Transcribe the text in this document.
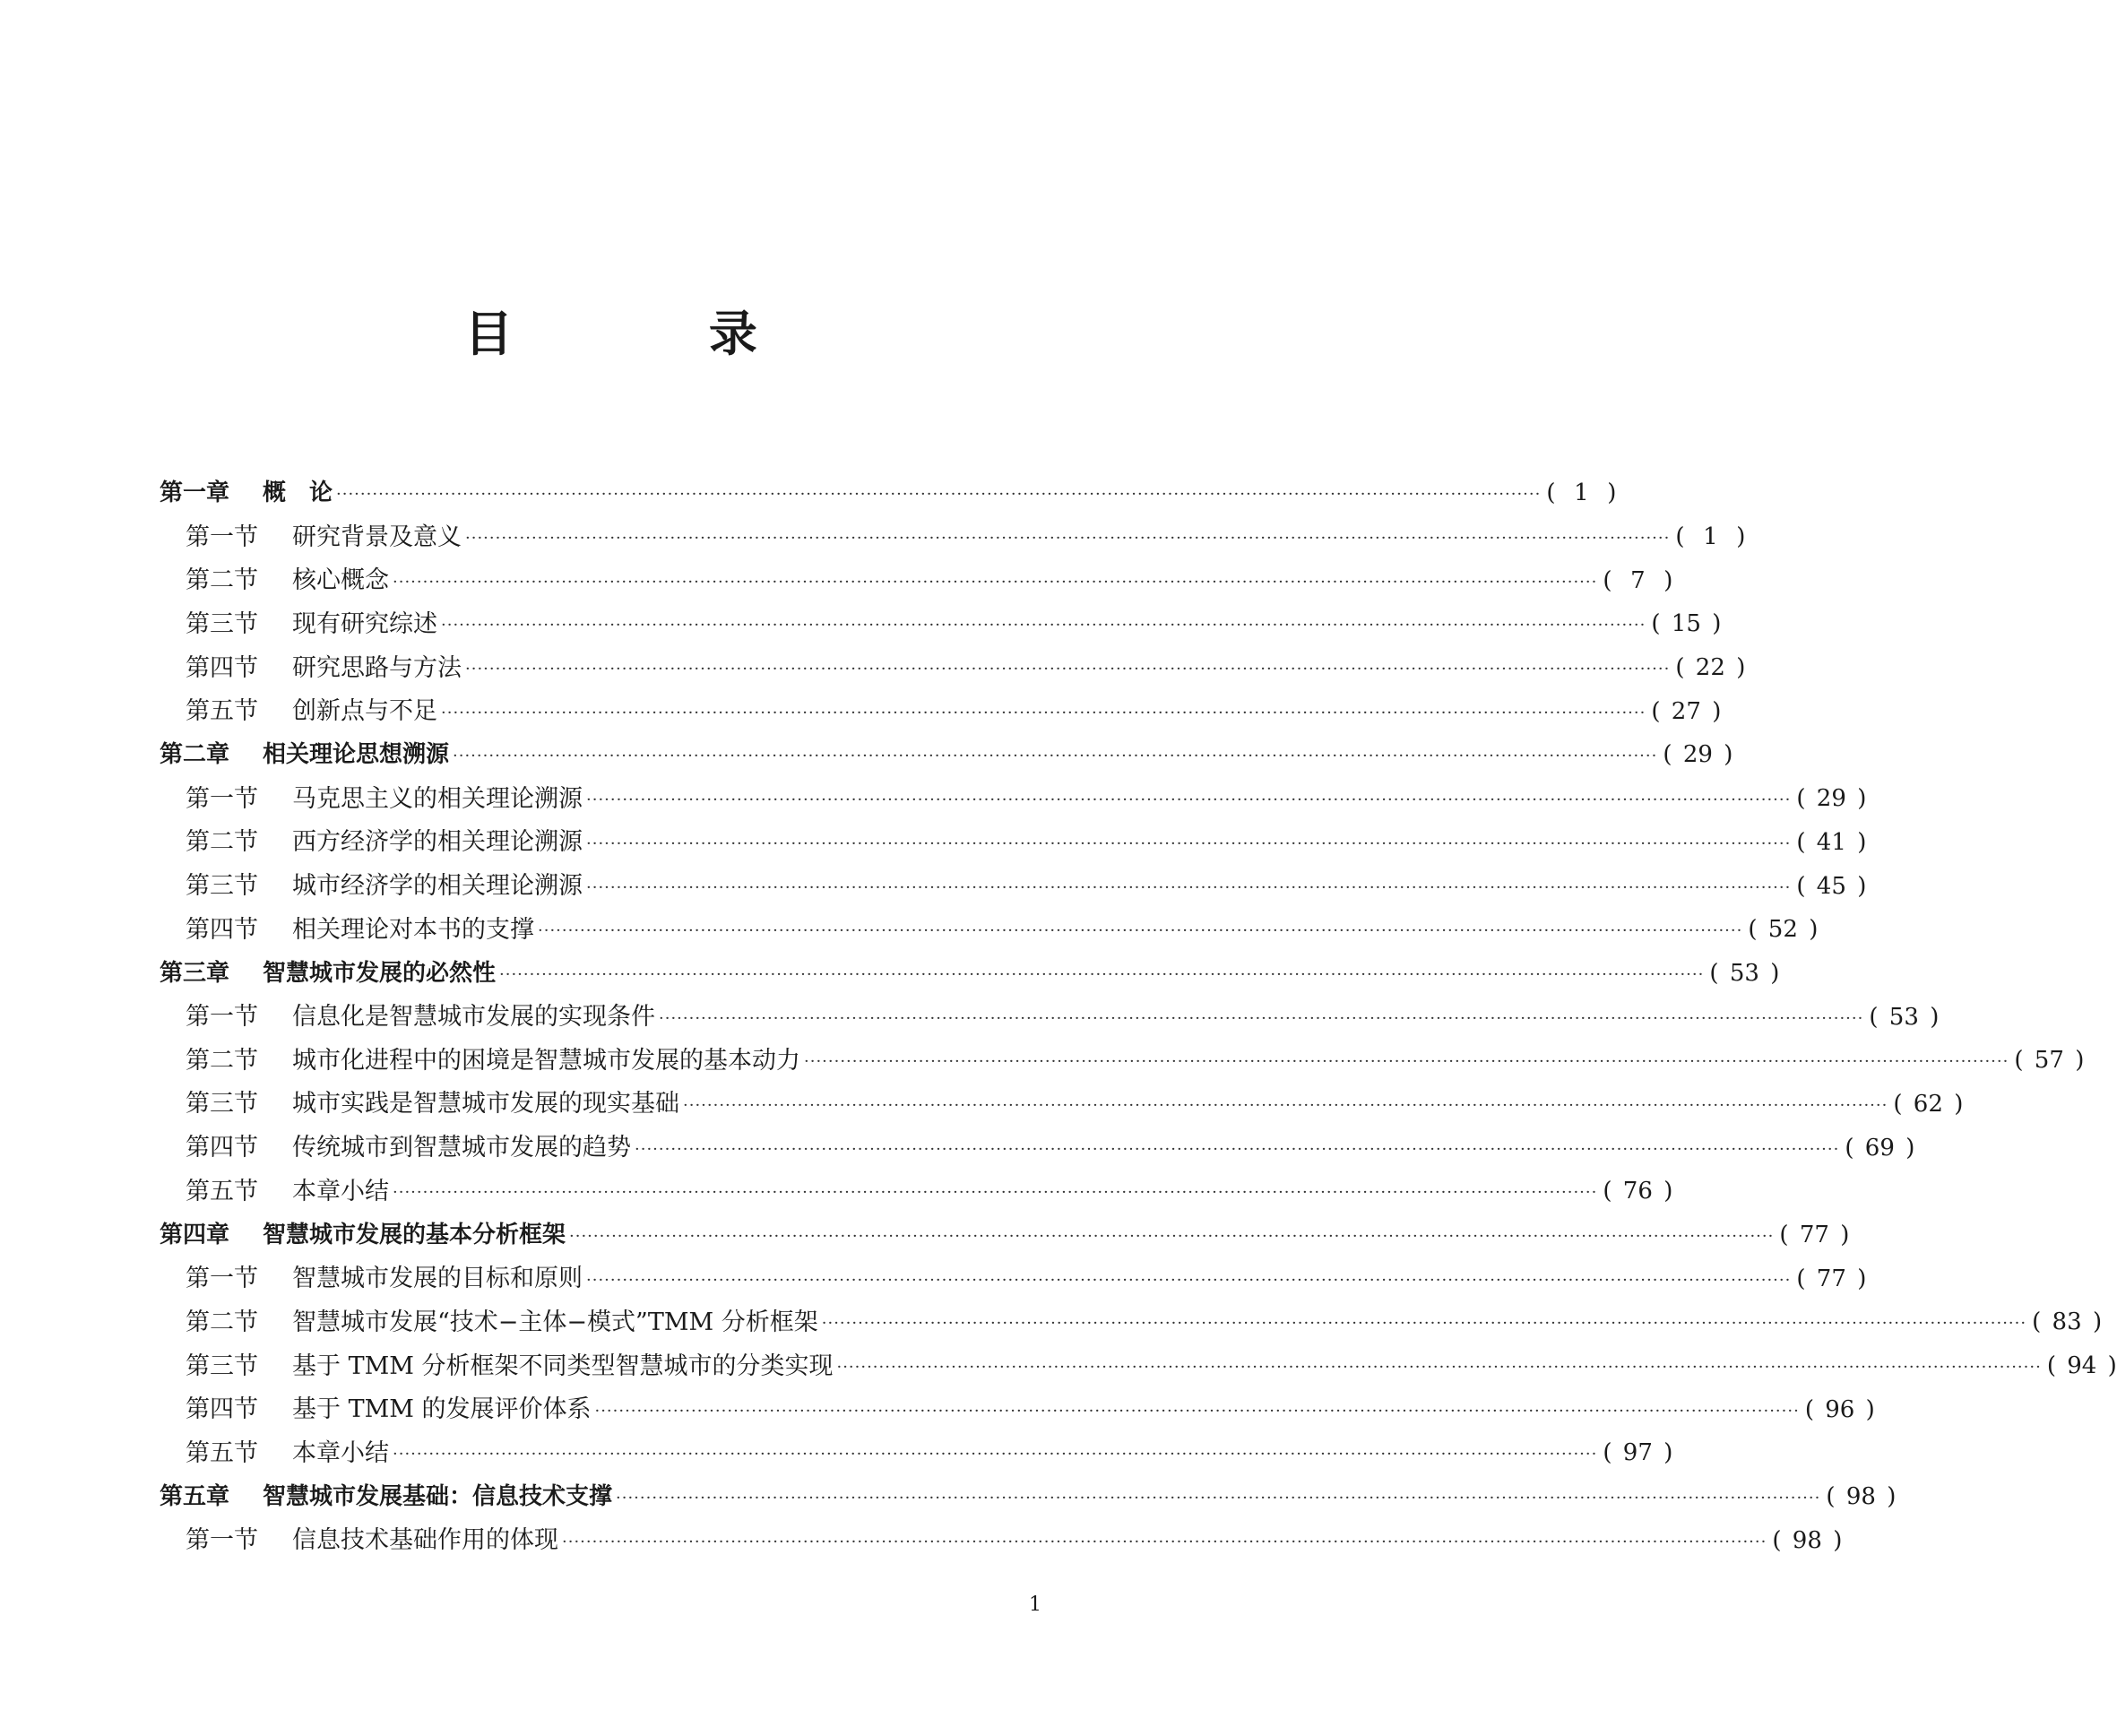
目 录
第一章	概　论 ········································································································································································································ ( 1 )
第一节	研究背景及意义 ········································································································································································································ ( 1 )
第二节	核心概念 ········································································································································································································ ( 7 )
第三节	现有研究综述 ········································································································································································································ ( 15 )
第四节	研究思路与方法 ········································································································································································································ ( 22 )
第五节	创新点与不足 ········································································································································································································ ( 27 )
第二章	相关理论思想溯源 ········································································································································································································ ( 29 )
第一节	马克思主义的相关理论溯源 ········································································································································································································ ( 29 )
第二节	西方经济学的相关理论溯源 ········································································································································································································ ( 41 )
第三节	城市经济学的相关理论溯源 ········································································································································································································ ( 45 )
第四节	相关理论对本书的支撑 ········································································································································································································ ( 52 )
第三章	智慧城市发展的必然性 ········································································································································································································ ( 53 )
第一节	信息化是智慧城市发展的实现条件 ········································································································································································································ ( 53 )
第二节	城市化进程中的困境是智慧城市发展的基本动力 ········································································································································································································ ( 57 )
第三节	城市实践是智慧城市发展的现实基础 ········································································································································································································ ( 62 )
第四节	传统城市到智慧城市发展的趋势 ········································································································································································································ ( 69 )
第五节	本章小结 ········································································································································································································ ( 76 )
第四章	智慧城市发展的基本分析框架 ········································································································································································································ ( 77 )
第一节	智慧城市发展的目标和原则 ········································································································································································································ ( 77 )
第二节	智慧城市发展“技术−主体−模式”TMM 分析框架 ········································································································································································································ ( 83 )
第三节	基于 TMM 分析框架不同类型智慧城市的分类实现 ········································································································································································································ ( 94 )
第四节	基于 TMM 的发展评价体系 ········································································································································································································ ( 96 )
第五节	本章小结 ········································································································································································································ ( 97 )
第五章	智慧城市发展基础：信息技术支撑 ········································································································································································································ ( 98 )
第一节	信息技术基础作用的体现 ········································································································································································································ ( 98 )
1
